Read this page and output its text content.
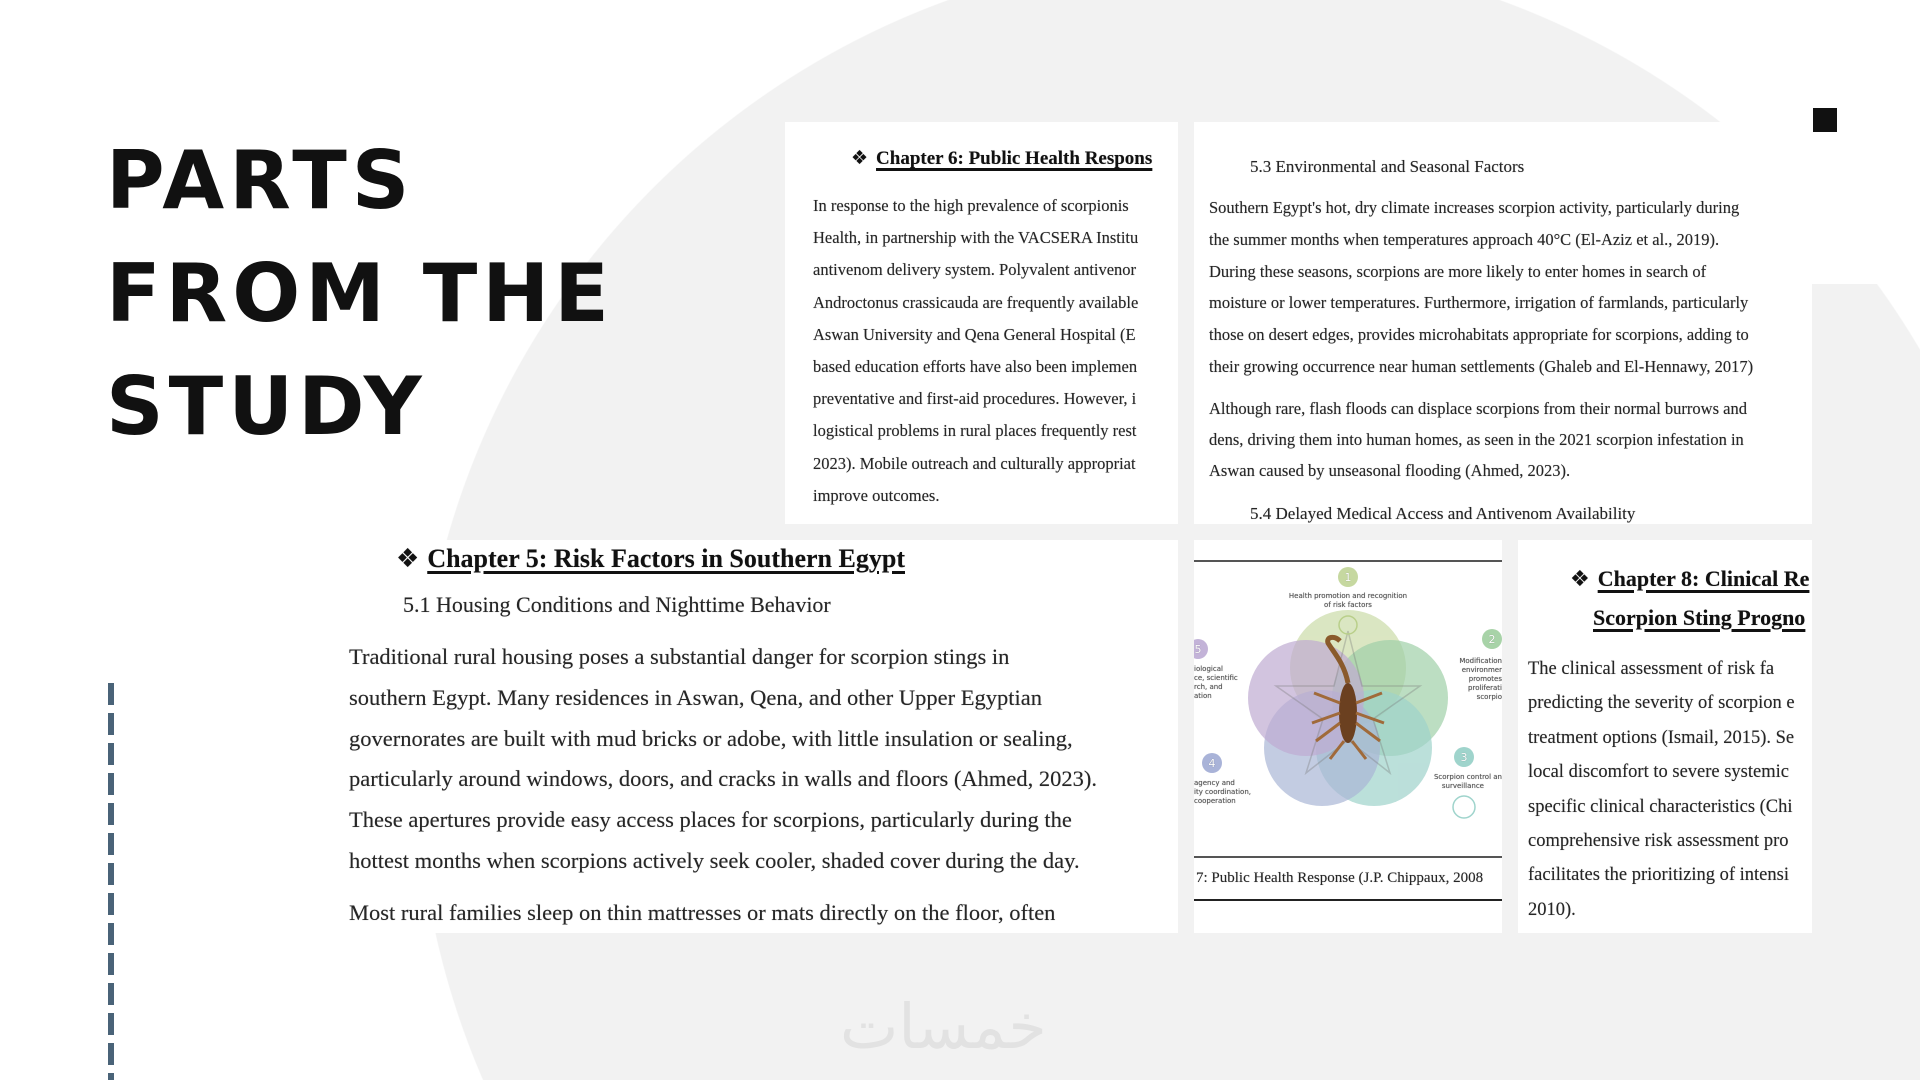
PARTS
FROM THE
STUDY
❖ Chapter 6: Public Health Respons
In response to the high prevalence of scorpionis
Health, in partnership with the VACSERA Institu
antivenom delivery system. Polyvalent antivenor
Androctonus crassicauda are frequently available
Aswan University and Qena General Hospital (E
based education efforts have also been implemen
preventative and first-aid procedures. However, i
logistical problems in rural places frequently rest
2023). Mobile outreach and culturally appropriat
improve outcomes.
5.3 Environmental and Seasonal Factors
Southern Egypt's hot, dry climate increases scorpion activity, particularly during
the summer months when temperatures approach 40°C (El-Aziz et al., 2019).
During these seasons, scorpions are more likely to enter homes in search of
moisture or lower temperatures. Furthermore, irrigation of farmlands, particularly
those on desert edges, provides microhabitats appropriate for scorpions, adding to
their growing occurrence near human settlements (Ghaleb and El-Hennawy, 2017)
Although rare, flash floods can displace scorpions from their normal burrows and
dens, driving them into human homes, as seen in the 2021 scorpion infestation in
Aswan caused by unseasonal flooding (Ahmed, 2023).
5.4 Delayed Medical Access and Antivenom Availability
❖ Chapter 5: Risk Factors in Southern Egypt
5.1 Housing Conditions and Nighttime Behavior
Traditional rural housing poses a substantial danger for scorpion stings in
southern Egypt. Many residences in Aswan, Qena, and other Upper Egyptian
governorates are built with mud bricks or adobe, with little insulation or sealing,
particularly around windows, doors, and cracks in walls and floors (Ahmed, 2023).
These apertures provide easy access places for scorpions, particularly during the
hottest months when scorpions actively seek cooler, shaded cover during the day.
Most rural families sleep on thin mattresses or mats directly on the floor, often
1
Health promotion and recognition
of risk factors
2
Modification environmer promotes proliferati scorpio
3
Scorpion control an surveillance
4
agency and ity coordination, cooperation
5
iological ce, scientific rch, and ation
7: Public Health Response (J.P. Chippaux, 2008
❖ Chapter 8: Clinical Re
Scorpion Sting Progno
The clinical assessment of risk fa
predicting the severity of scorpion e
treatment options (Ismail, 2015). Se
local discomfort to severe systemic
specific clinical characteristics (Chi
comprehensive risk assessment pro
facilitates the prioritizing of intensi
2010).
خمسات
